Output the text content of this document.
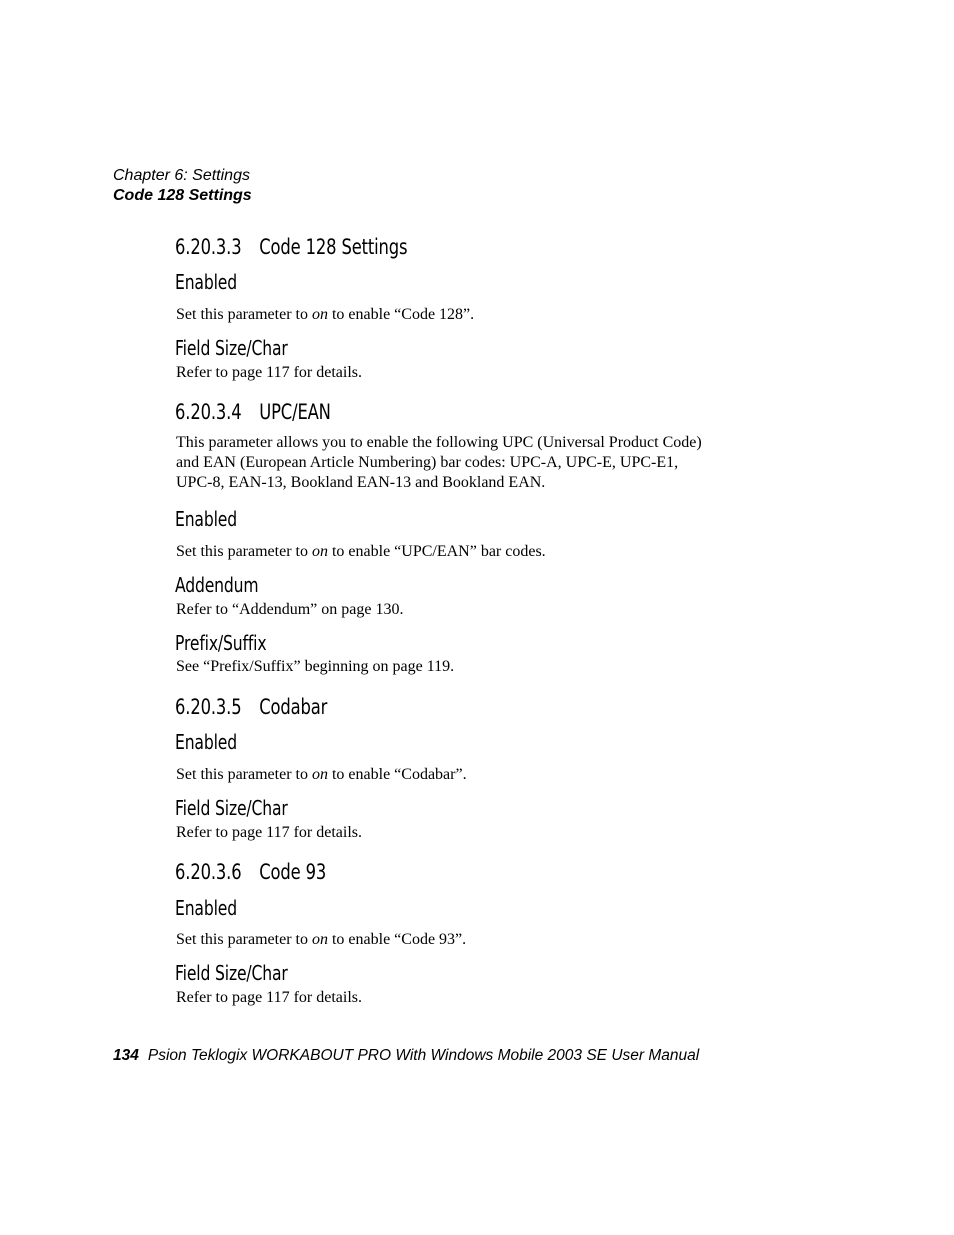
Chapter 6: Settings
Code 128 Settings
6.20.3.3 Code 128 Settings
Enabled
Set this parameter to on to enable “Code 128”.
Field Size/Char
Refer to page 117 for details.
6.20.3.4 UPC/EAN
This parameter allows you to enable the following UPC (Universal Product Code)
and EAN (European Article Numbering) bar codes: UPC-A, UPC-E, UPC-E1,
UPC-8, EAN-13, Bookland EAN-13 and Bookland EAN.
Enabled
Set this parameter to on to enable “UPC/EAN” bar codes.
Addendum
Refer to “Addendum” on page 130.
Prefix/Suffix
See “Prefix/Suffix” beginning on page 119.
6.20.3.5 Codabar
Enabled
Set this parameter to on to enable “Codabar”.
Field Size/Char
Refer to page 117 for details.
6.20.3.6 Code 93
Enabled
Set this parameter to on to enable “Code 93”.
Field Size/Char
Refer to page 117 for details.
134 Psion Teklogix WORKABOUT PRO With Windows Mobile 2003 SE User Manual
